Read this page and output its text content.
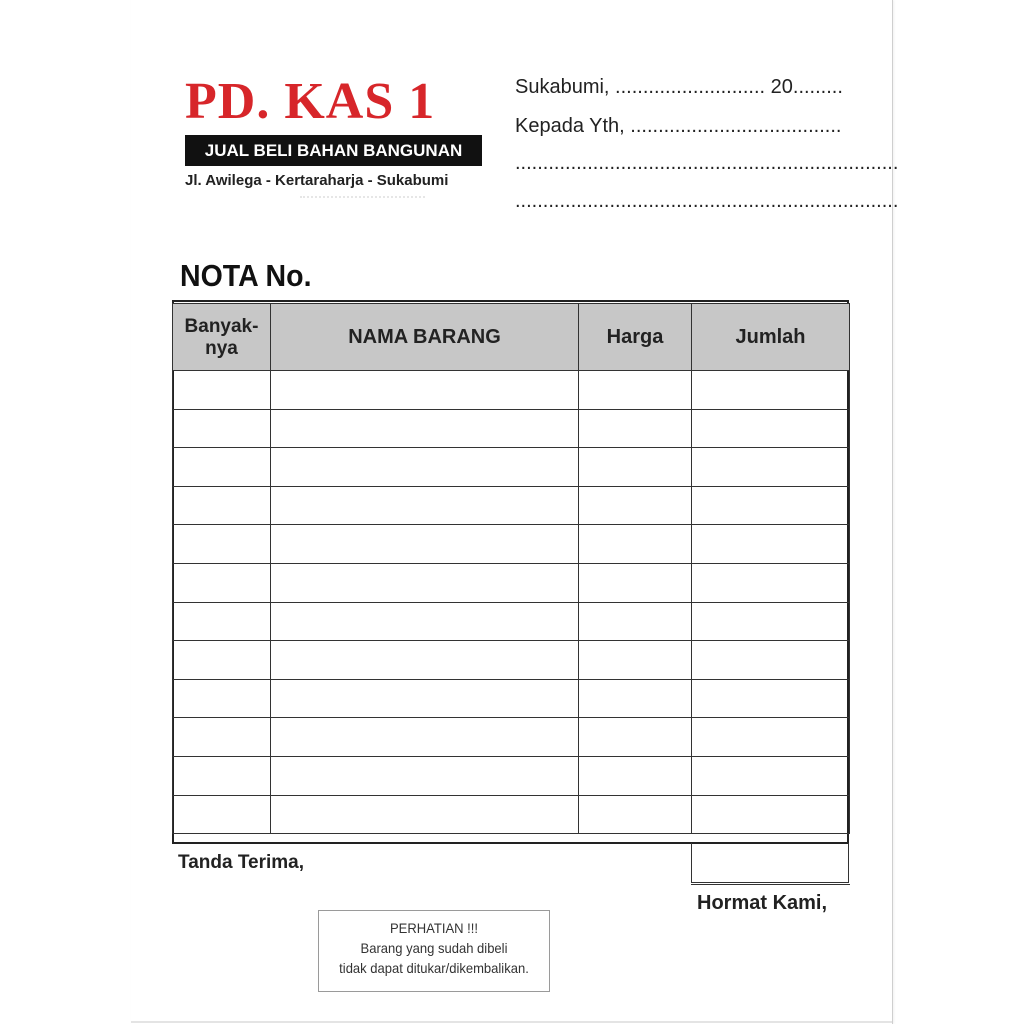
PD. KAS 1
JUAL BELI BAHAN BANGUNAN
Jl. Awilega - Kertaraharja - Sukabumi
Sukabumi, ........................... 20.........
Kepada Yth, ......................................
.....................................................................
.....................................................................
NOTA No.
Banyak-
nya	NAMA BARANG	Harga	Jumlah

Tanda Terima,
Hormat Kami,
PERHATIAN !!!
Barang yang sudah dibeli
tidak dapat ditukar/dikembalikan.
